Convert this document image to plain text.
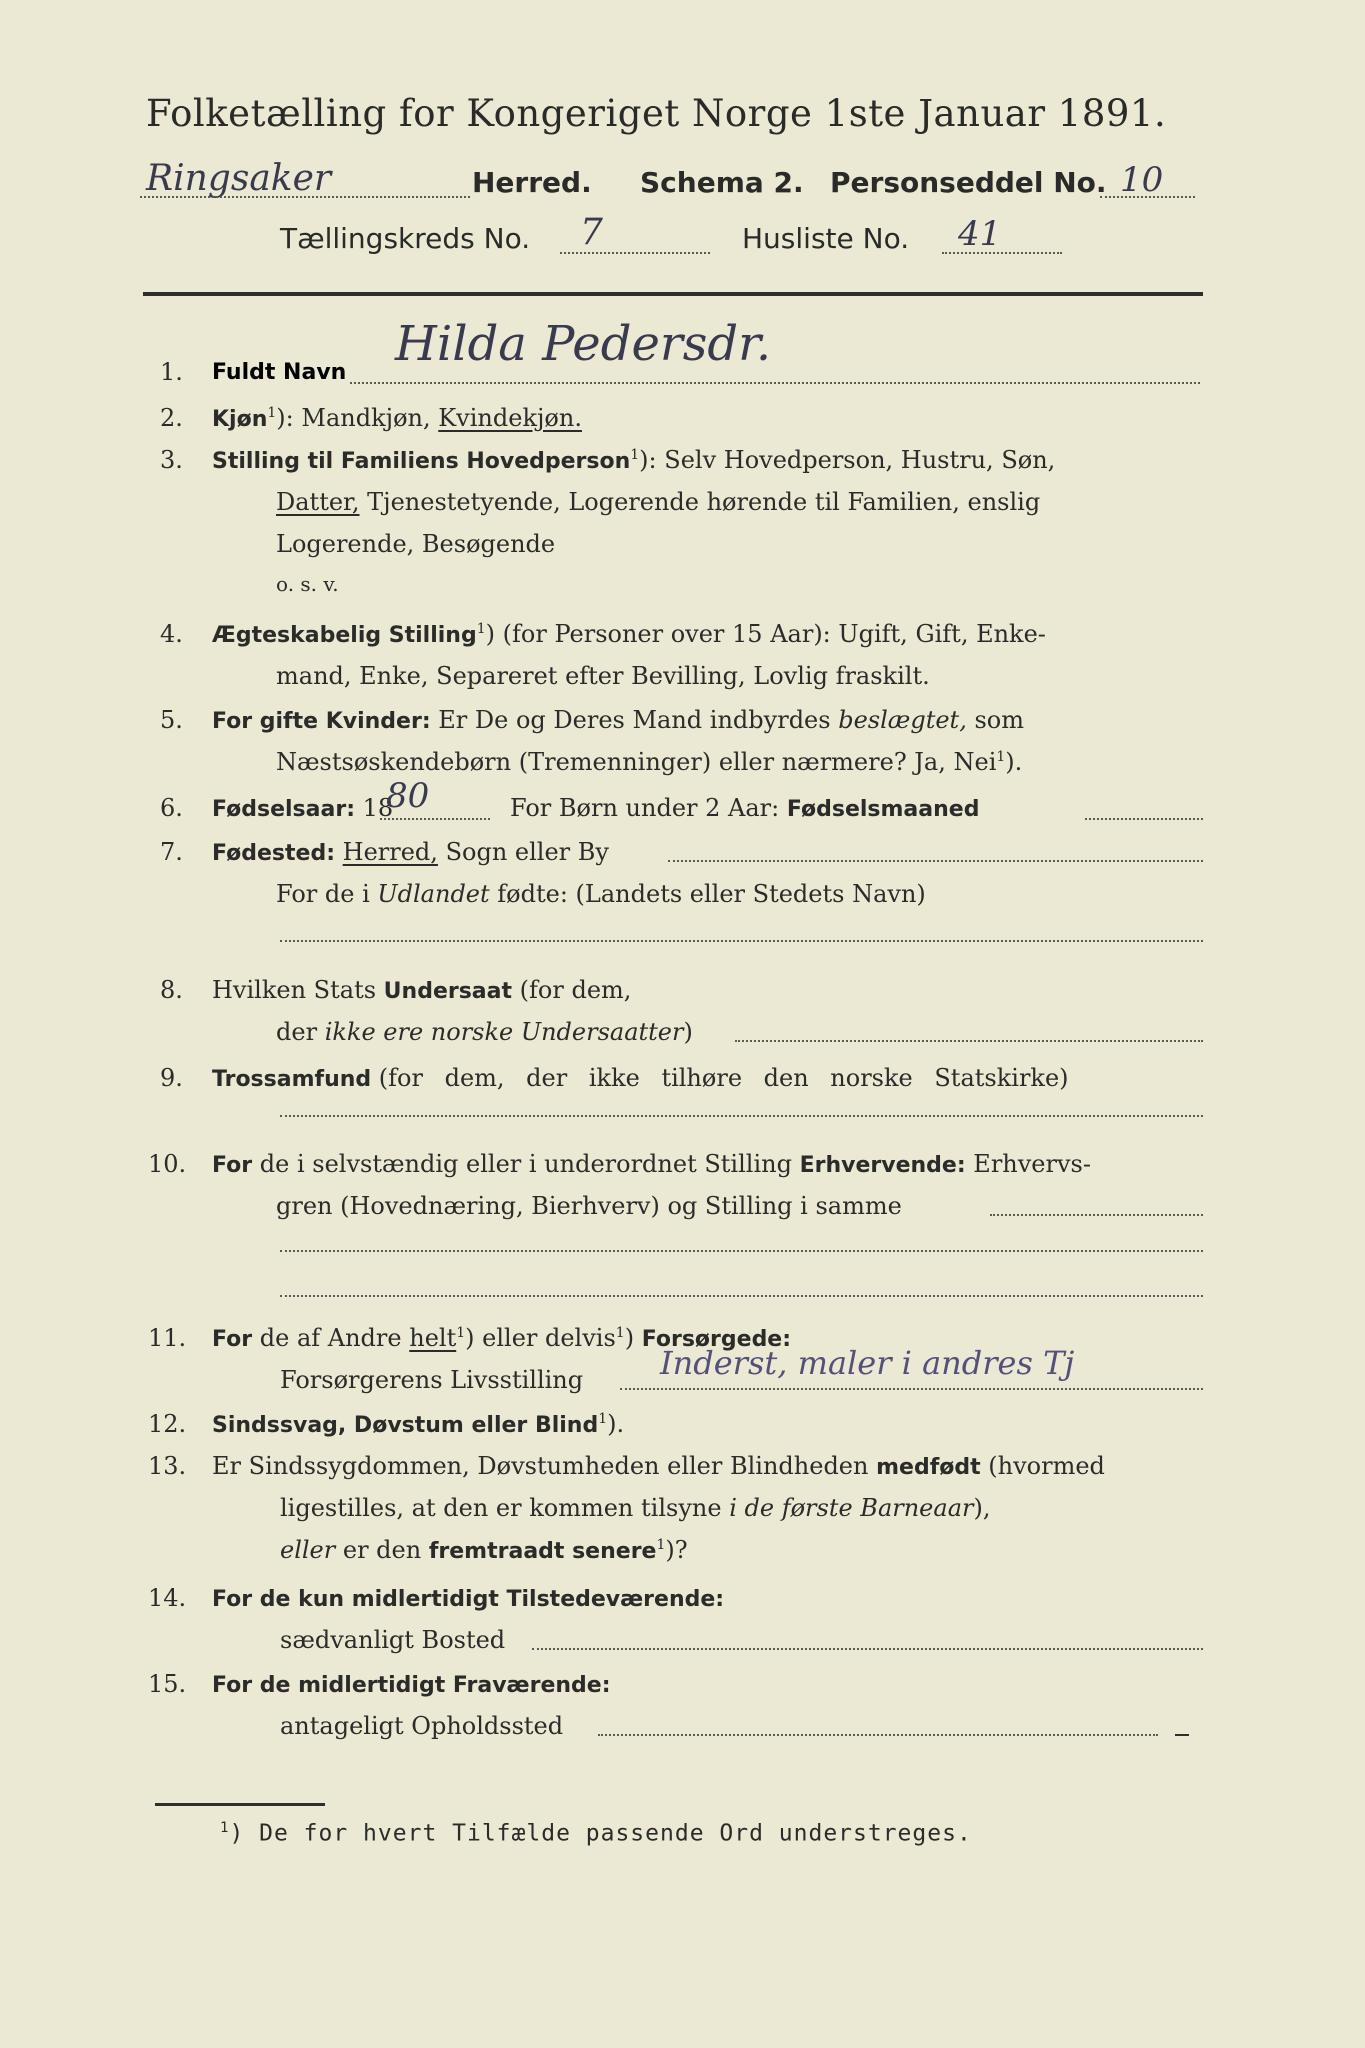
Folketælling for Kongeriget Norge 1ste Januar 1891.
Ringsaker	Herred. Schema 2. Personseddel No. 10
Tællingskreds No. 7	Husliste No. 41
1. Fuldt Navn
Hilda Pedersdr.
2. Kjøn$^1$): Mandkjøn, Kvindekjøn.
3. Stilling til Familiens Hovedperson$^1$): Selv Hovedperson, Hustru, Søn,
Datter, Tjenestetyende, Logerende hørende til Familien, enslig
Logerende, Besøgende
o. s. v.
4. Ægteskabelig Stilling$^1$) (for Personer over 15 Aar): Ugift, Gift, Enke-
mand, Enke, Separeret efter Bevilling, Lovlig fraskilt.
5. For gifte Kvinder: Er De og Deres Mand indbyrdes beslægtet, som
Næstsøskendebørn (Tremenninger) eller nærmere? Ja, Nei$^1$).
6. Fødselsaar: 18
80	For Børn under 2 Aar: Fødselsmaaned
7. Fødested: Herred, Sogn eller By
For de i Udlandet fødte: (Landets eller Stedets Navn)
8. Hvilken Stats Undersaat (for dem,
der ikke ere norske Undersaatter)
9. Trossamfund (for dem, der ikke tilhøre den norske Statskirke)
10. For de i selvstændig eller i underordnet Stilling Erhvervende: Erhvervs-
gren (Hovednæring, Bierhverv) og Stilling i samme
11. For de af Andre helt$^1$) eller delvis$^1$) Forsørgede:
Forsørgerens Livsstilling Inderst, maler i andres Tj
12. Sindssvag, Døvstum eller Blind$^1$).
13. Er Sindssygdommen, Døvstumheden eller Blindheden medfødt (hvormed
ligestilles, at den er kommen tilsyne i de første Barneaar),
eller er den fremtraadt senere$^1$)?
14. For de kun midlertidigt Tilstedeværende:
sædvanligt Bosted
15. For de midlertidigt Fraværende:
antageligt Opholdssted
$^1$) De for hvert Tilfælde passende Ord understreges.
